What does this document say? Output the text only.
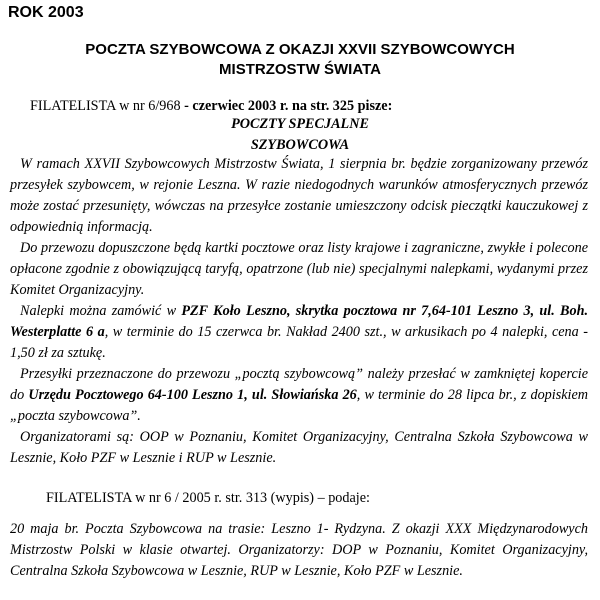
ROK 2003
POCZTA SZYBOWCOWA Z OKAZJI XXVII SZYBOWCOWYCH
MISTRZOSTW ŚWIATA
FILATELISTA w nr 6/968 - czerwiec 2003 r. na str. 325 pisze:
POCZTY SPECJALNE
SZYBOWCOWA

W ramach XXVII Szybowcowych Mistrzostw Świata, 1 sierpnia br. będzie zorganizowany przewóz przesyłek szybowcem, w rejonie Leszna. W razie niedogodnych warunków atmosferycznych przewóz może zostać przesunięty, wówczas na przesyłce zostanie umieszczony odcisk pieczątki kauczukowej z odpowiednią informacją.

Do przewozu dopuszczone będą kartki pocztowe oraz listy krajowe i zagraniczne, zwykłe i polecone opłacone zgodnie z obowiązującą taryfą, opatrzone (lub nie) specjalnymi nalepkami, wydanymi przez Komitet Organizacyjny.

Nalepki można zamówić w PZF Koło Leszno, skrytka pocztowa nr 7,64-101 Leszno 3, ul. Boh. Westerplatte 6 a, w terminie do 15 czerwca br. Nakład 2400 szt., w arkusikach po 4 nalepki, cena - 1,50 zł za sztukę.

Przesyłki przeznaczone do przewozu „pocztą szybowcową” należy przesłać w zamkniętej kopercie do Urzędu Pocztowego 64-100 Leszno 1, ul. Słowiańska 26, w terminie do 28 lipca br., z dopiskiem „poczta szybowcowa”.

Organizatorami są: OOP w Poznaniu, Komitet Organizacyjny, Centralna Szkoła Szybowcowa w Lesznie, Koło PZF w Lesznie i RUP w Lesznie.

FILATELISTA w nr 6 / 2005 r. str. 313 (wypis) – podaje:

20 maja br. Poczta Szybowcowa na trasie: Leszno 1- Rydzyna. Z okazji XXX Międzynarodowych Mistrzostw Polski w klasie otwartej. Organizatorzy: DOP w Poznaniu, Komitet Organizacyjny, Centralna Szkoła Szybowcowa w Lesznie, RUP w Lesznie, Koło PZF w Lesznie.
